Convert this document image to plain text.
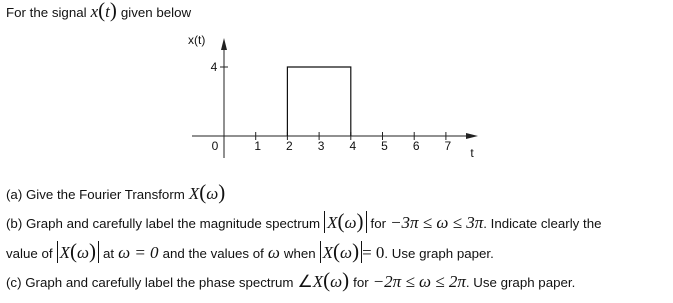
For the signal x ( t ) given below
x(t)
0	1 2 3 4 5 6 7
4
t
(a) Give the Fourier Transform X ( ω )
(b) Graph and carefully label the magnitude spectrum X(ω) for −3π ≤ ω ≤ 3π . Indicate clearly the
value of X(ω) at ω = 0 and the values of ω when X(ω) = 0 . Use graph paper.
(c) Graph and carefully label the phase spectrum ∠ X ( ω ) for −2π ≤ ω ≤ 2π . Use graph paper.
